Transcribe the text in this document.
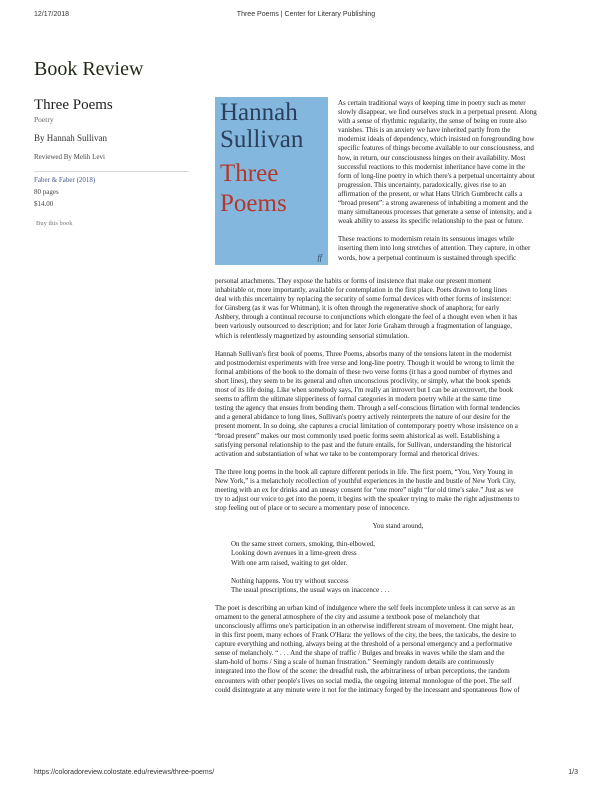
12/17/2018	Three Poems | Center for Literary Publishing
Book Review
Three Poems
Poetry
By Hannah Sullivan
Reviewed By Melih Levi
Faber & Faber (2018)
80 pages
$14.00
Buy this book
Hannah
Sullivan
Three
Poems
ff
As certain traditional ways of keeping time in poetry such as meter
slowly disappear, we find ourselves stuck in a perpetual present. Along
with a sense of rhythmic regularity, the sense of being en route also
vanishes. This is an anxiety we have inherited partly from the
modernist ideals of dependency, which insisted on foregrounding how
specific features of things become available to our consciousness, and
how, in return, our consciousness hinges on their availability. Most
successful reactions to this modernist inheritance have come in the
form of long-line poetry in which there's a perpetual uncertainty about
progression. This uncertainty, paradoxically, gives rise to an
affirmation of the present, or what Hans Ulrich Gumbrecht calls a
“broad present”: a strong awareness of inhabiting a moment and the
many simultaneous processes that generate a sense of intensity, and a
weak ability to assess its specific relationship to the past or future.
These reactions to modernism retain its sensuous images while
inserting them into long stretches of attention. They capture, in other
words, how a perpetual continuum is sustained through specific
personal attachments. They expose the habits or forms of insistence that make our present moment
inhabitable or, more importantly, available for contemplation in the first place. Poets drawn to long lines
deal with this uncertainty by replacing the security of some formal devices with other forms of insistence:
for Ginsberg (as it was for Whitman), it is often through the regenerative shock of anaphora; for early
Ashbery, through a continual recourse to conjunctions which elongate the feel of a thought even when it has
been variously outsourced to description; and for later Jorie Graham through a fragmentation of language,
which is relentlessly magnetized by astounding sensorial stimulation.
Hannah Sullivan's first book of poems, Three Poems, absorbs many of the tensions latent in the modernist
and postmodernist experiments with free verse and long-line poetry. Though it would be wrong to limit the
formal ambitions of the book to the domain of these two verse forms (it has a good number of rhymes and
short lines), they seem to be its general and often unconscious proclivity, or simply, what the book spends
most of its life doing. Like when somebody says, I'm really an introvert but I can be an extrovert, the book
seems to affirm the ultimate slipperiness of formal categories in modern poetry while at the same time
testing the agency that ensues from bending them. Through a self-conscious flirtation with formal tendencies
and a general abidance to long lines, Sullivan's poetry actively reinterprets the nature of our desire for the
present moment. In so doing, she captures a crucial limitation of contemporary poetry whose insistence on a
“broad present” makes our most commonly used poetic forms seem ahistorical as well. Establishing a
satisfying personal relationship to the past and the future entails, for Sullivan, understanding the historical
activation and substantiation of what we take to be contemporary formal and rhetorical drives.
The three long poems in the book all capture different periods in life. The first poem, “You, Very Young in
New York,” is a melancholy recollection of youthful experiences in the hustle and bustle of New York City,
meeting with an ex for drinks and an uneasy consent for “one more” night “for old time's sake.” Just as we
try to adjust our voice to get into the poem, it begins with the speaker trying to make the right adjustments to
stop feeling out of place or to secure a momentary pose of innocence.
You stand around,
On the same street corners, smoking, thin-elbowed,
Looking down avenues in a lime-green dress
With one arm raised, waiting to get older.
Nothing happens. You try without success
The usual prescriptions, the usual ways on inaccence . . .
The poet is describing an urban kind of indulgence where the self feels incomplete unless it can serve as an
ornament to the general atmosphere of the city and assume a textbook pose of melancholy that
unconsciously affirms one's participation in an otherwise indifferent stream of movement. One might hear,
in this first poem, many echoes of Frank O'Hara: the yellows of the city, the bees, the taxicabs, the desire to
capture everything and nothing, always being at the threshold of a personal emergency and a performative
sense of melancholy. “ . . . And the shape of traffic / Bulges and breaks in waves while the slam and the
slam-hold of horns / Sing a scale of human frustration.” Seemingly random details are continuously
integrated into the flow of the scene: the dreadful rush, the arbitrariness of urban perceptions, the random
encounters with other people's lives on social media, the ongoing internal monologue of the poet. The self
could disintegrate at any minute were it not for the intimacy forged by the incessant and spontaneous flow of
https://coloradoreview.colostate.edu/reviews/three-poems/	1/3
